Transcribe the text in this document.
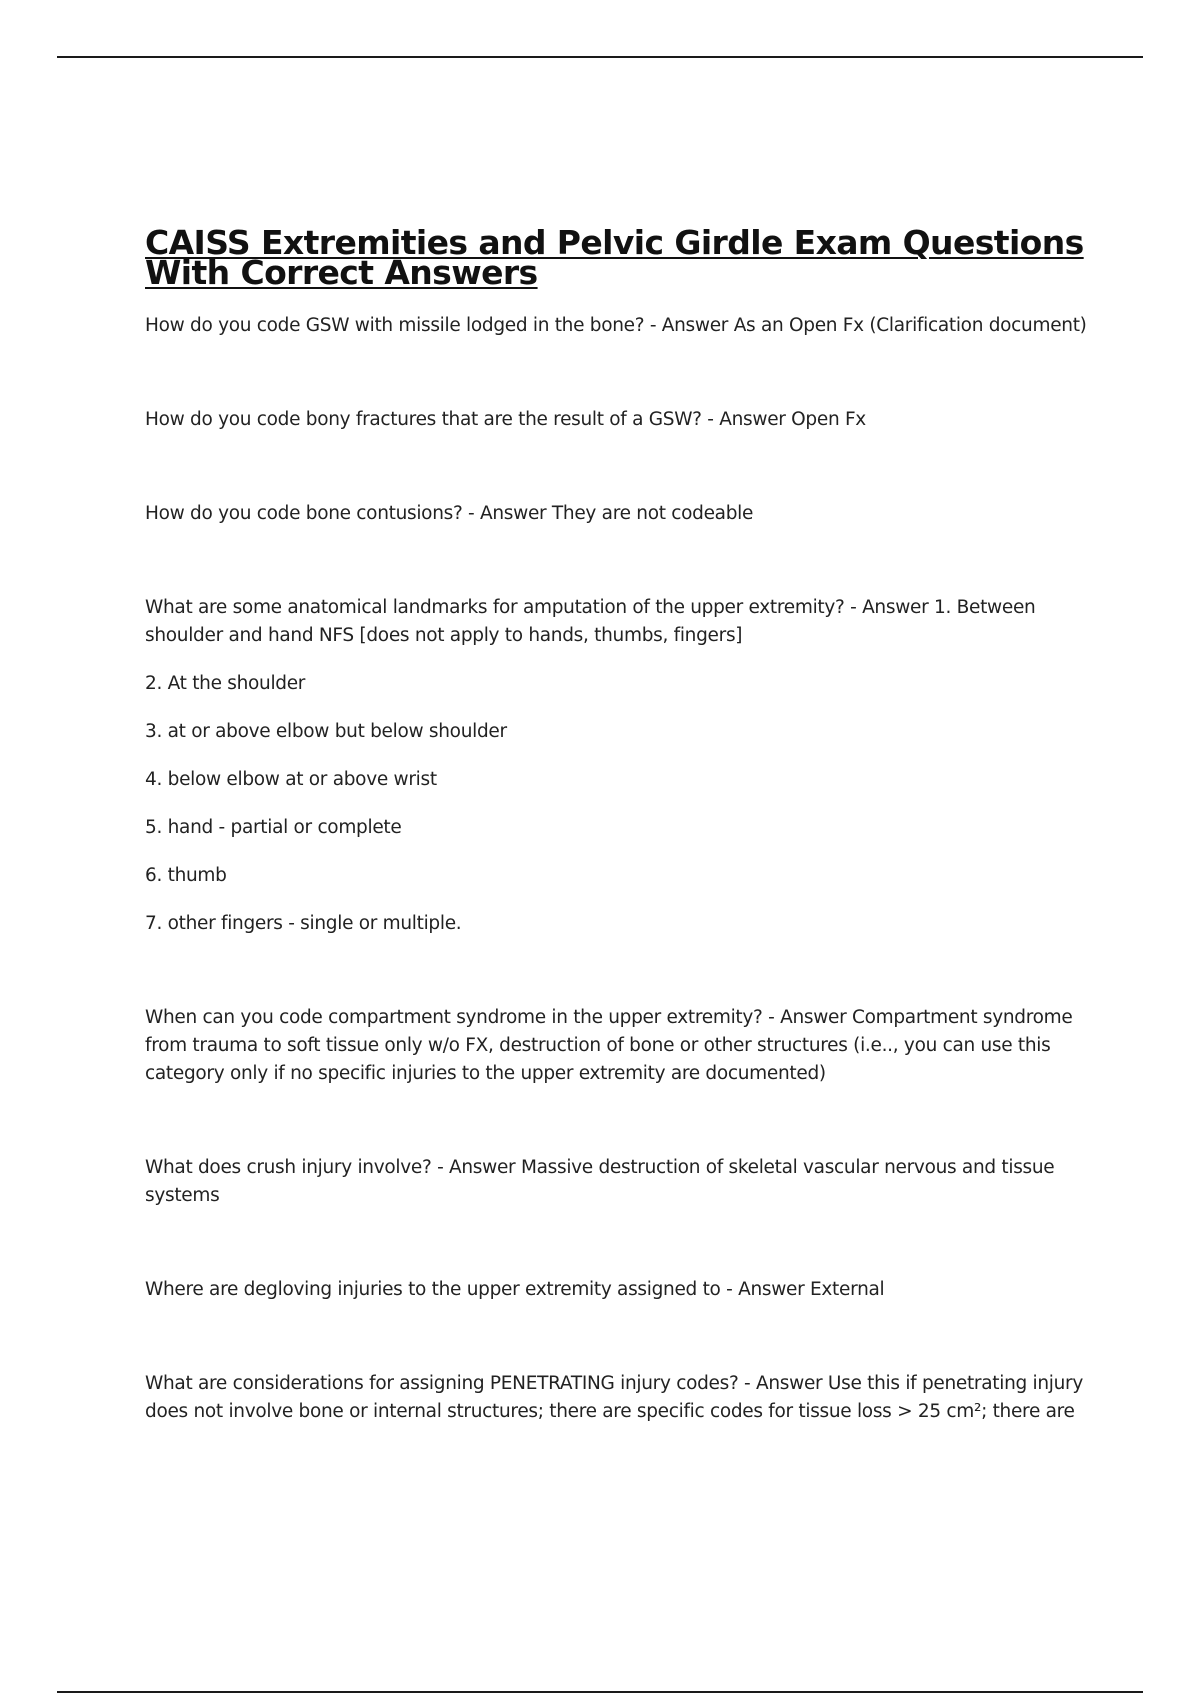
CAISS Extremities and Pelvic Girdle Exam Questions
With Correct Answers

How do you code GSW with missile lodged in the bone? - Answer As an Open Fx (Clarification document)

How do you code bony fractures that are the result of a GSW? - Answer Open Fx

How do you code bone contusions? - Answer They are not codeable

What are some anatomical landmarks for amputation of the upper extremity? - Answer 1. Between shoulder and hand NFS [does not apply to hands, thumbs, fingers]

2. At the shoulder

3. at or above elbow but below shoulder

4. below elbow at or above wrist

5. hand - partial or complete

6. thumb

7. other fingers - single or multiple.

When can you code compartment syndrome in the upper extremity? - Answer Compartment syndrome from trauma to soft tissue only w/o FX, destruction of bone or other structures (i.e.., you can use this category only if no specific injuries to the upper extremity are documented)

What does crush injury involve? - Answer Massive destruction of skeletal vascular nervous and tissue systems

Where are degloving injuries to the upper extremity assigned to - Answer External

What are considerations for assigning PENETRATING injury codes? - Answer Use this if penetrating injury does not involve bone or internal structures; there are specific codes for tissue loss > 25 cm²; there are
